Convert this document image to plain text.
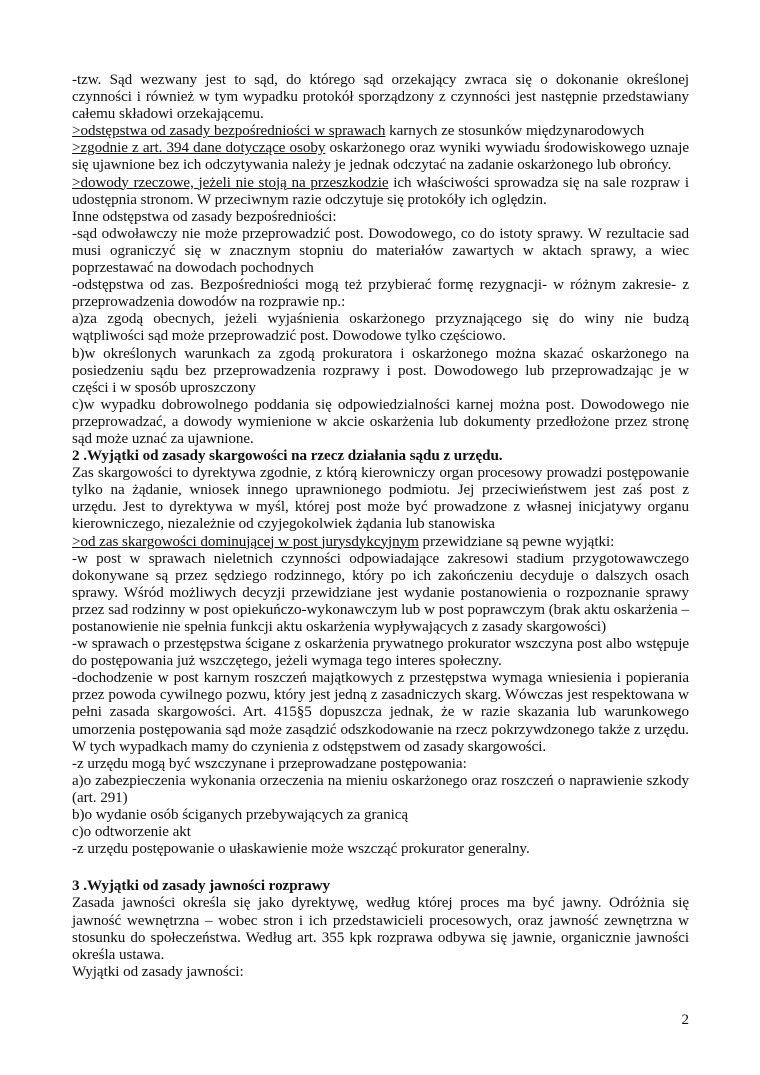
-tzw. Sąd wezwany jest to sąd, do którego sąd orzekający zwraca się o dokonanie określonej czynności i również w tym wypadku protokół sporządzony z czynności jest następnie przedstawiany całemu składowi orzekającemu.

>odstępstwa od zasady bezpośredniości w sprawach karnych ze stosunków międzynarodowych

>zgodnie z art. 394 dane dotyczące osoby oskarżonego oraz wyniki wywiadu środowiskowego uznaje się ujawnione bez ich odczytywania należy je jednak odczytać na zadanie oskarżonego lub obrońcy.

>dowody rzeczowe, jeżeli nie stoją na przeszkodzie ich właściwości sprowadza się na sale rozpraw i udostępnia stronom. W przeciwnym razie odczytuje się protokóły ich oględzin.

Inne odstępstwa od zasady bezpośredniości:

-sąd odwoławczy nie może przeprowadzić post. Dowodowego, co do istoty sprawy. W rezultacie sad musi ograniczyć się w znacznym stopniu do materiałów zawartych w aktach sprawy, a wiec poprzestawać na dowodach pochodnych

-odstępstwa od zas. Bezpośredniości mogą też przybierać formę rezygnacji- w różnym zakresie- z przeprowadzenia dowodów na rozprawie np.:

a)za zgodą obecnych, jeżeli wyjaśnienia oskarżonego przyznającego się do winy nie budzą wątpliwości sąd może przeprowadzić post. Dowodowe tylko częściowo.

b)w określonych warunkach za zgodą prokuratora i oskarżonego można skazać oskarżonego na posiedzeniu sądu bez przeprowadzenia rozprawy i post. Dowodowego lub przeprowadzając je w części i w sposób uproszczony

c)w wypadku dobrowolnego poddania się odpowiedzialności karnej można post. Dowodowego nie przeprowadzać, a dowody wymienione w akcie oskarżenia lub dokumenty przedłożone przez stronę sąd może uznać za ujawnione.

2 .Wyjątki od zasady skargowości na rzecz działania sądu z urzędu.

Zas skargowości to dyrektywa zgodnie, z którą kierowniczy organ procesowy prowadzi postępowanie tylko na żądanie, wniosek innego uprawnionego podmiotu. Jej przeciwieństwem jest zaś post z urzędu. Jest to dyrektywa w myśl, której post może być prowadzone z własnej inicjatywy organu kierowniczego, niezależnie od czyjegokolwiek żądania lub stanowiska

>od zas skargowości dominującej w post jurysdykcyjnym przewidziane są pewne wyjątki:

-w post w sprawach nieletnich czynności odpowiadające zakresowi stadium przygotowawczego dokonywane są przez sędziego rodzinnego, który po ich zakończeniu decyduje o dalszych osach sprawy. Wśród możliwych decyzji przewidziane jest wydanie postanowienia o rozpoznanie sprawy przez sad rodzinny w post opiekuńczo-wykonawczym lub w post poprawczym (brak aktu oskarżenia – postanowienie nie spełnia funkcji aktu oskarżenia wypływających z zasady skargowości)

-w sprawach o przestępstwa ścigane z oskarżenia prywatnego prokurator wszczyna post albo wstępuje do postępowania już wszczętego, jeżeli wymaga tego interes społeczny.

-dochodzenie w post karnym roszczeń majątkowych z przestępstwa wymaga wniesienia i popierania przez powoda cywilnego pozwu, który jest jedną z zasadniczych skarg. Wówczas jest respektowana w pełni zasada skargowości. Art. 415§5 dopuszcza jednak, że w razie skazania lub warunkowego umorzenia postępowania sąd może zasądzić odszkodowanie na rzecz pokrzywdzonego także z urzędu. W tych wypadkach mamy do czynienia z odstępstwem od zasady skargowości.

-z urzędu mogą być wszczynane i przeprowadzane postępowania:

a)o zabezpieczenia wykonania orzeczenia na mieniu oskarżonego oraz roszczeń o naprawienie szkody (art. 291)

b)o wydanie osób ściganych przebywających za granicą

c)o odtworzenie akt

-z urzędu postępowanie o ułaskawienie może wszcząć prokurator generalny.

3 .Wyjątki od zasady jawności rozprawy

Zasada jawności określa się jako dyrektywę, według której proces ma być jawny. Odróżnia się jawność wewnętrzna – wobec stron i ich przedstawicieli procesowych, oraz jawność zewnętrzna w stosunku do społeczeństwa. Według art. 355 kpk rozprawa odbywa się jawnie, organicznie jawności określa ustawa.

Wyjątki od zasady jawności:

2
